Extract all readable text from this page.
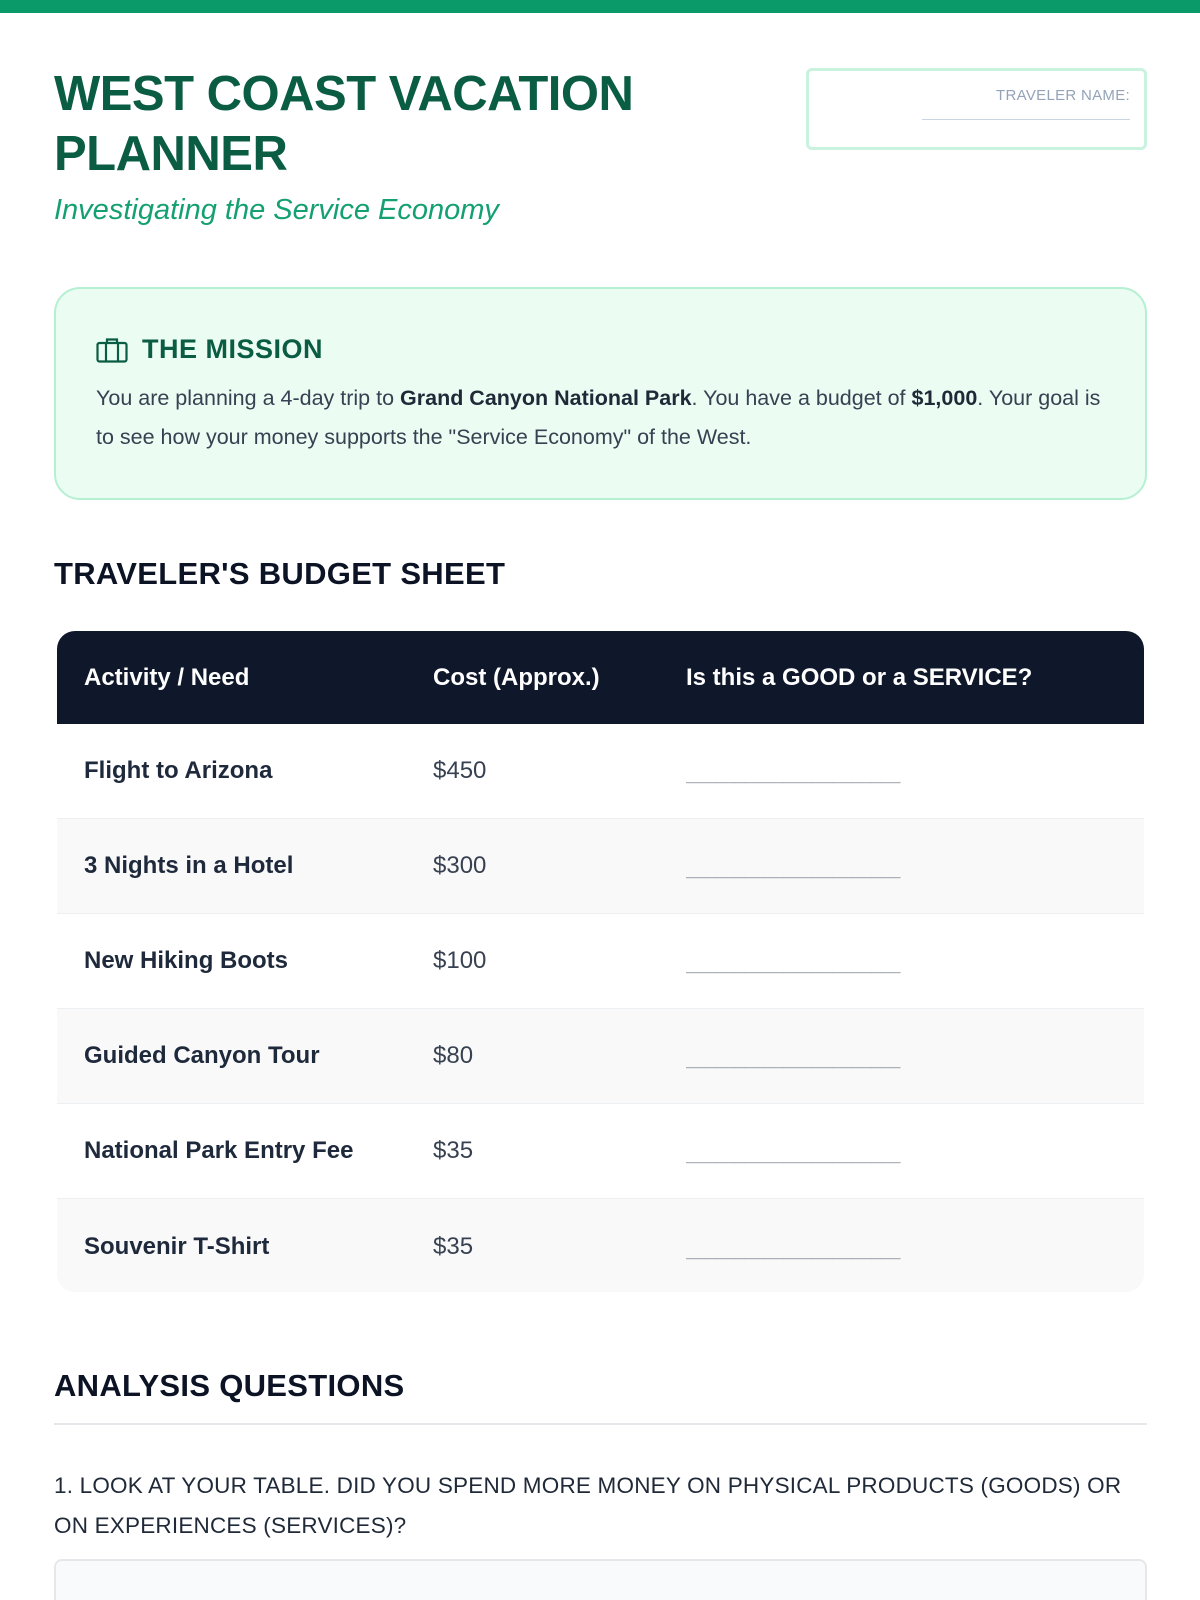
WEST COAST VACATION PLANNER
Investigating the Service Economy
TRAVELER NAME:
THE MISSION

You are planning a 4-day trip to Grand Canyon National Park. You have a budget of $1,000. Your goal is to see how your money supports the "Service Economy" of the West.

TRAVELER'S BUDGET SHEET
Activity / Need	Cost (Approx.)	Is this a GOOD or a SERVICE?
Flight to Arizona	$450	______________________
3 Nights in a Hotel	$300	______________________
New Hiking Boots	$100	______________________
Guided Canyon Tour	$80	______________________
National Park Entry Fee	$35	______________________
Souvenir T-Shirt	$35	______________________
ANALYSIS QUESTIONS

1. LOOK AT YOUR TABLE. DID YOU SPEND MORE MONEY ON PHYSICAL PRODUCTS (GOODS) OR ON EXPERIENCES (SERVICES)?
